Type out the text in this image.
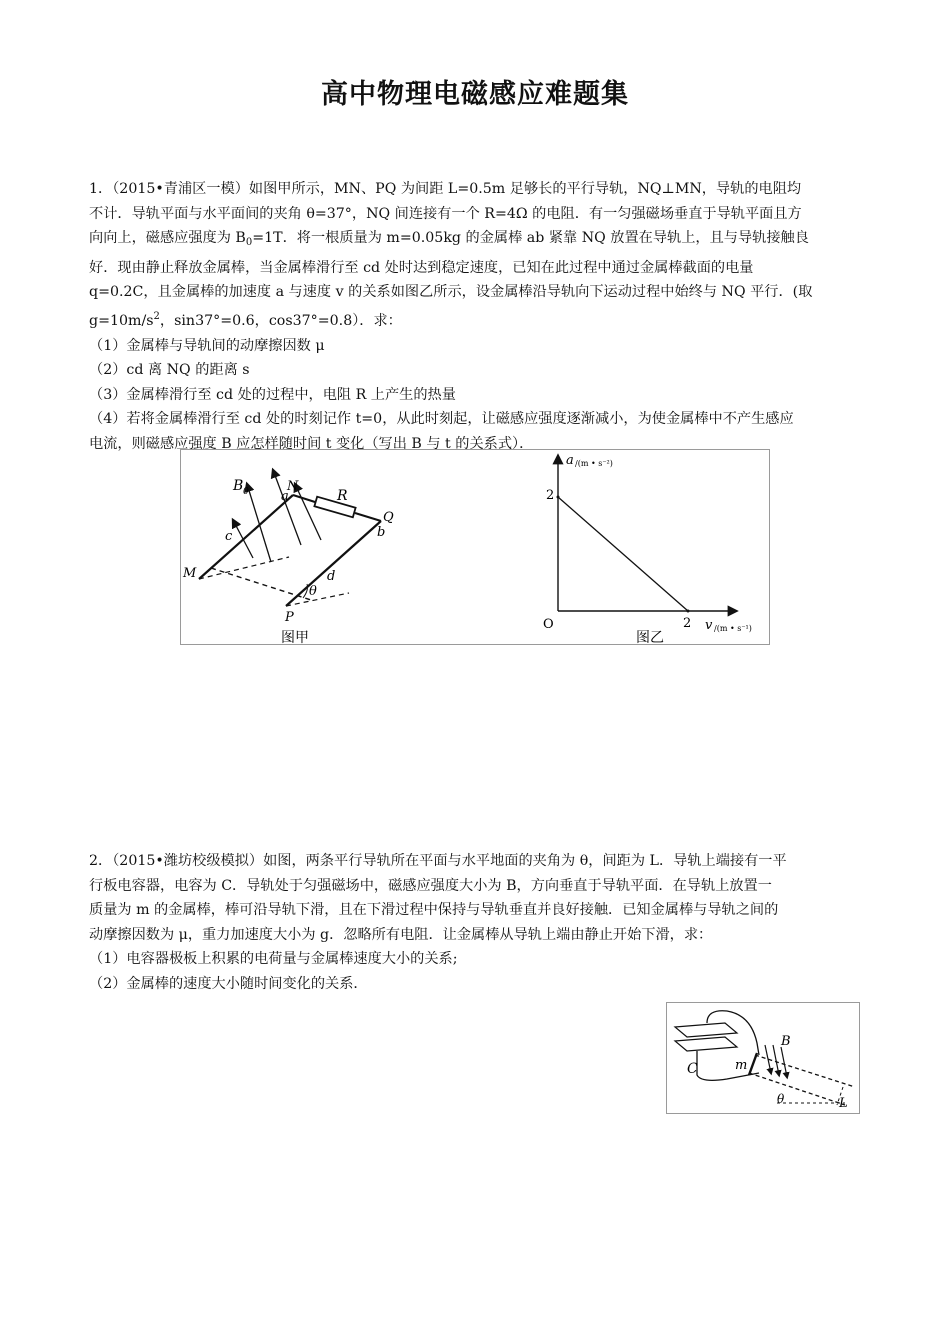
高中物理电磁感应难题集

1．（2015•青浦区一模）如图甲所示，MN、PQ 为间距 L=0.5m 足够长的平行导轨，NQ⊥MN，导轨的电阻均

不计．导轨平面与水平面间的夹角 θ=37°，NQ 间连接有一个 R=4Ω 的电阻．有一匀强磁场垂直于导轨平面且方

向向上，磁感应强度为 $B_0=1T$．将一根质量为 m=0.05kg 的金属棒 ab 紧靠 NQ 放置在导轨上，且与导轨接触良

好．现由静止释放金属棒，当金属棒滑行至 cd 处时达到稳定速度，已知在此过程中通过金属棒截面的电量

q=0.2C，且金属棒的加速度 a 与速度 v 的关系如图乙所示，设金属棒沿导轨向下运动过程中始终与 NQ 平行．(取

$g=10m/s^2$，sin37°=0.6，cos37°=0.8）．求：

（1）金属棒与导轨间的动摩擦因数 μ

（2）cd 离 NQ 的距离 s

（3）金属棒滑行至 cd 处的过程中，电阻 R 上产生的热量

（4）若将金属棒滑行至 cd 处的时刻记作 t=0，从此时刻起，让磁感应强度逐渐减小，为使金属棒中不产生感应

电流，则磁感应强度 B 应怎样随时间 t 变化（写出 B 与 t 的关系式）．

B 0	N
a	R
Q
b
c
M	d
θ
P
图甲
a /(m • s⁻²)
v /(m • s⁻¹)
O
2
2
图乙

2．（2015•潍坊校级模拟）如图，两条平行导轨所在平面与水平地面的夹角为 θ，间距为 L．导轨上端接有一平

行板电容器，电容为 C．导轨处于匀强磁场中，磁感应强度大小为 B，方向垂直于导轨平面．在导轨上放置一

质量为 m 的金属棒，棒可沿导轨下滑，且在下滑过程中保持与导轨垂直并良好接触．已知金属棒与导轨之间的

动摩擦因数为 μ，重力加速度大小为 g．忽略所有电阻．让金属棒从导轨上端由静止开始下滑，求：

（1）电容器极板上积累的电荷量与金属棒速度大小的关系;

（2）金属棒的速度大小随时间变化的关系．

C	m
B
θ	L
